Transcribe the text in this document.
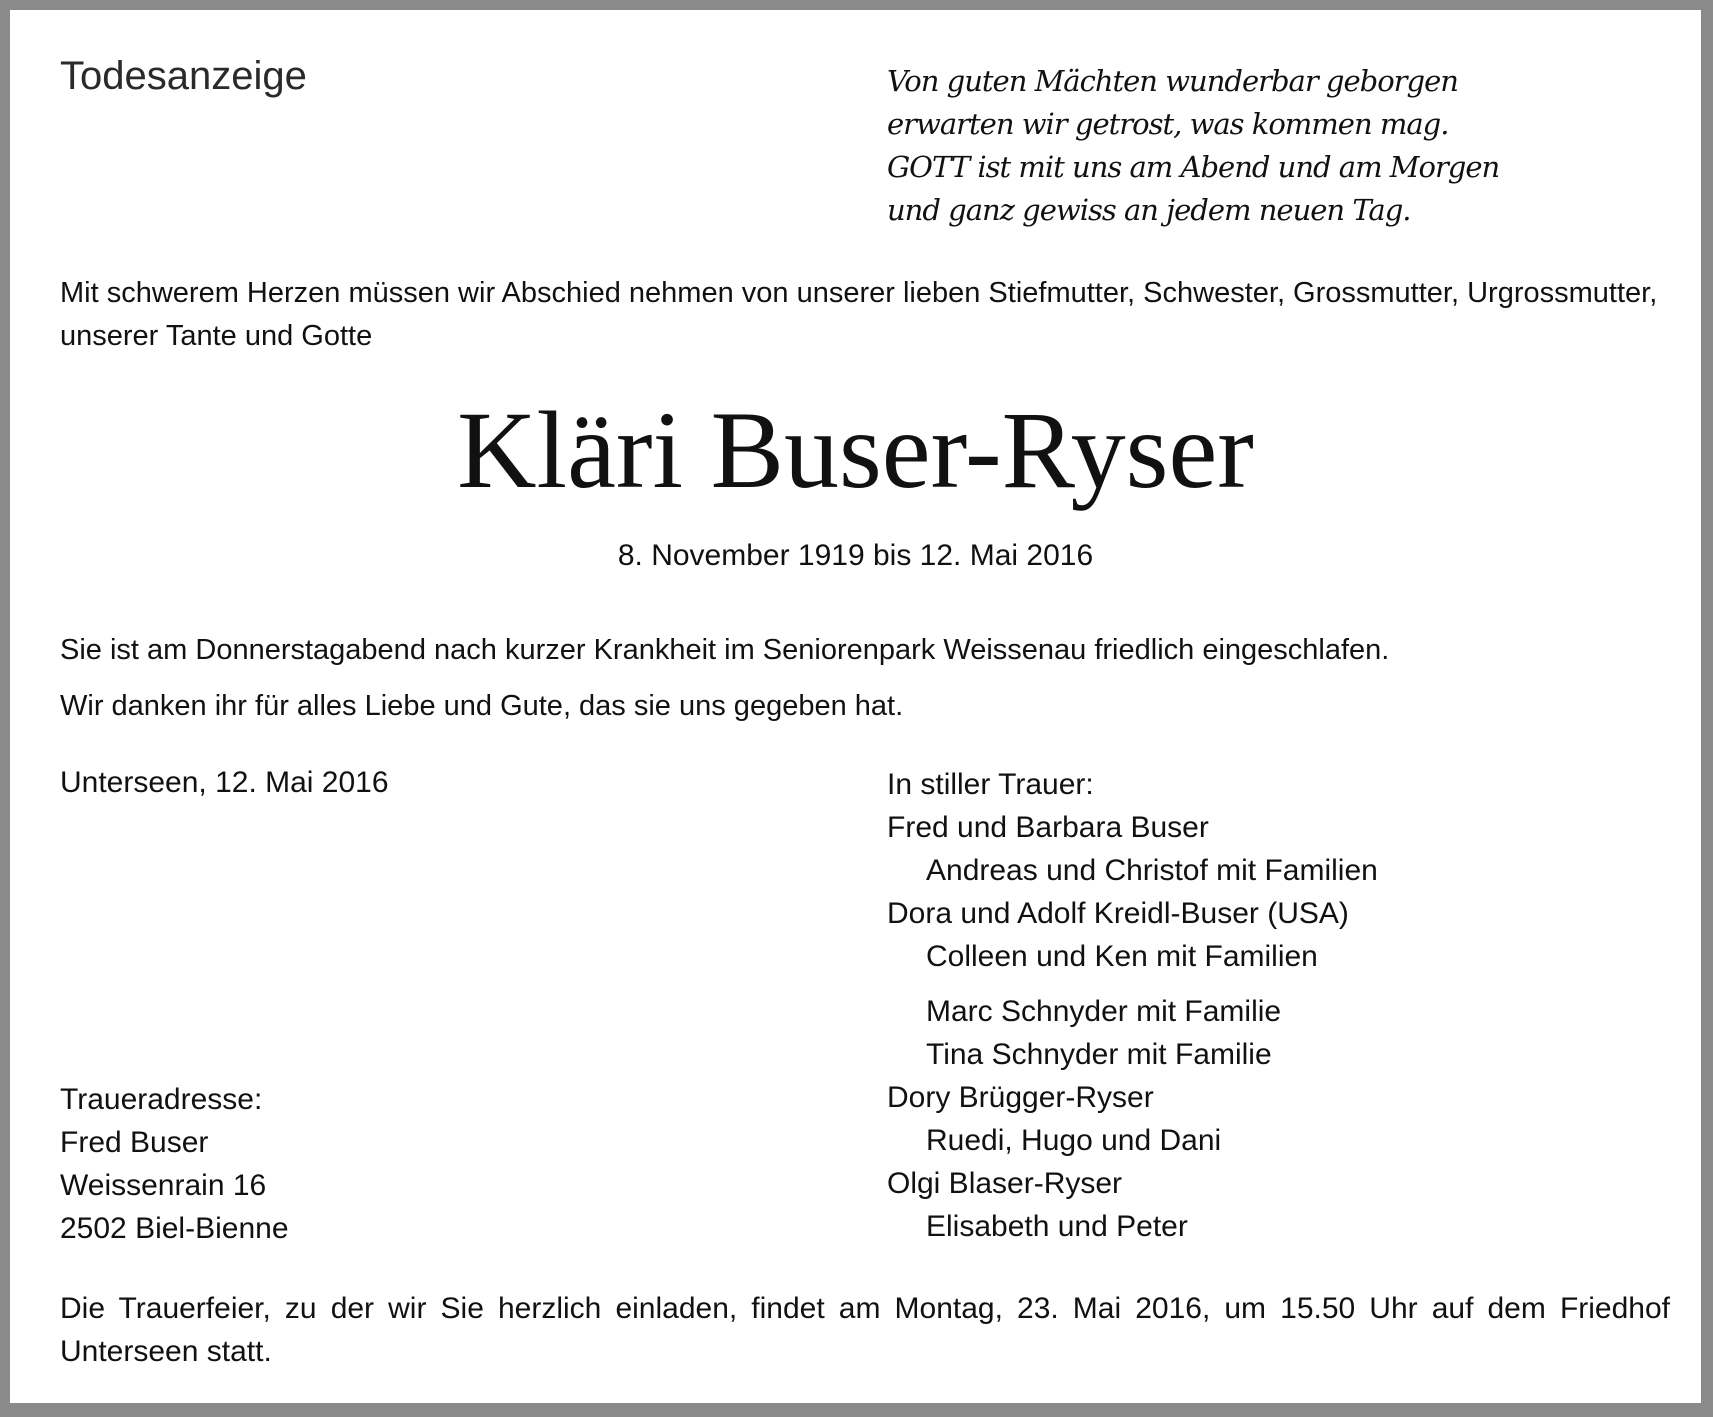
Todesanzeige	Von guten Mächten wunderbar geborgen
erwarten wir getrost, was kommen mag.
GOTT ist mit uns am Abend und am Morgen
und ganz gewiss an jedem neuen Tag.
Mit schwerem Herzen müssen wir Abschied nehmen von unserer lieben Stiefmutter, Schwester, Grossmutter, Urgrossmutter, unserer Tante und Gotte
Kläri Buser-Ryser
8. November 1919 bis 12. Mai 2016
Sie ist am Donnerstagabend nach kurzer Krankheit im Seniorenpark Weissenau friedlich eingeschlafen.
Wir danken ihr für alles Liebe und Gute, das sie uns gegeben hat.
Unterseen, 12. Mai 2016
Traueradresse:
Fred Buser
Weissenrain 16
2502 Biel-Bienne
In stiller Trauer:
Fred und Barbara Buser
Andreas und Christof mit Familien
Dora und Adolf Kreidl-Buser (USA)
Colleen und Ken mit Familien
Marc Schnyder mit Familie
Tina Schnyder mit Familie
Dory Brügger-Ryser
Ruedi, Hugo und Dani
Olgi Blaser-Ryser
Elisabeth und Peter
Die Trauerfeier, zu der wir Sie herzlich einladen, findet am Montag, 23. Mai 2016, um 15.50 Uhr auf dem Friedhof Unterseen statt.
